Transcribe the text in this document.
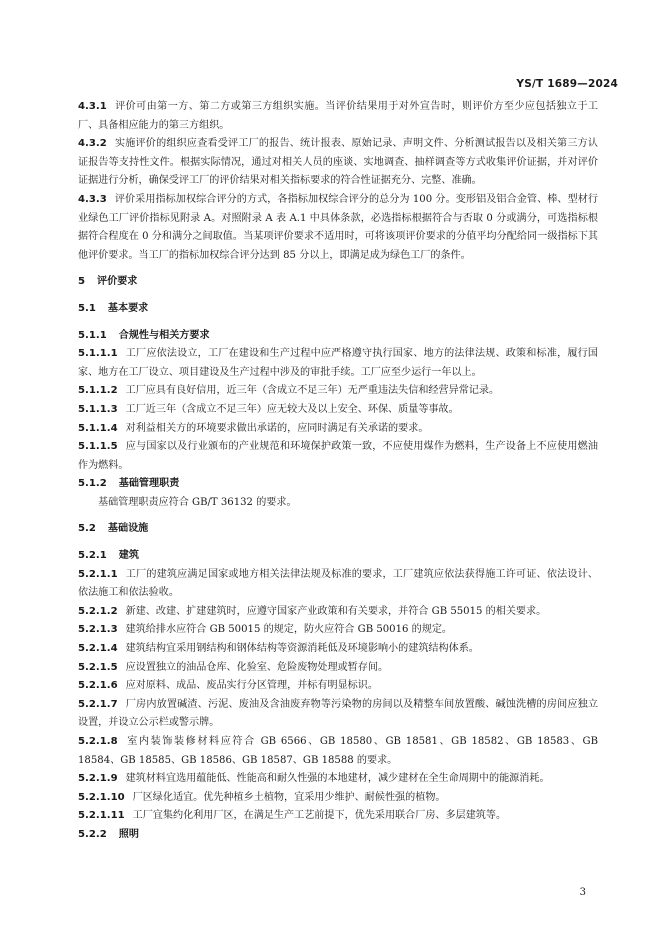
YS/T 1689—2024
4.3.1 评价可由第一方、第二方或第三方组织实施。当评价结果用于对外宣告时，则评价方至少应包括独立于工厂、具备相应能力的第三方组织。
4.3.2 实施评价的组织应查看受评工厂的报告、统计报表、原始记录、声明文件、分析测试报告以及相关第三方认证报告等支持性文件。根据实际情况，通过对相关人员的座谈、实地调查、抽样调查等方式收集评价证据，并对评价证据进行分析，确保受评工厂的评价结果对相关指标要求的符合性证据充分、完整、准确。
4.3.3 评价采用指标加权综合评分的方式，各指标加权综合评分的总分为 100 分。变形铝及铝合金管、棒、型材行业绿色工厂评价指标见附录 A。对照附录 A 表 A.1 中具体条款，必选指标根据符合与否取 0 分或满分，可选指标根据符合程度在 0 分和满分之间取值。当某项评价要求不适用时，可将该项评价要求的分值平均分配给同一级指标下其他评价要求。当工厂的指标加权综合评分达到 85 分以上，即满足成为绿色工厂的条件。
5 评价要求
5.1 基本要求
5.1.1 合规性与相关方要求
5.1.1.1 工厂应依法设立，工厂在建设和生产过程中应严格遵守执行国家、地方的法律法规、政策和标准，履行国家、地方在工厂设立、项目建设及生产过程中涉及的审批手续。工厂应至少运行一年以上。
5.1.1.2 工厂应具有良好信用，近三年（含成立不足三年）无严重违法失信和经营异常记录。
5.1.1.3 工厂近三年（含成立不足三年）应无较大及以上安全、环保、质量等事故。
5.1.1.4 对利益相关方的环境要求做出承诺的，应同时满足有关承诺的要求。
5.1.1.5 应与国家以及行业颁布的产业规范和环境保护政策一致，不应使用煤作为燃料，生产设备上不应使用燃油作为燃料。
5.1.2 基础管理职责
基础管理职责应符合 GB/T 36132 的要求。
5.2 基础设施
5.2.1 建筑
5.2.1.1 工厂的建筑应满足国家或地方相关法律法规及标准的要求，工厂建筑应依法获得施工许可证、依法设计、依法施工和依法验收。
5.2.1.2 新建、改建、扩建建筑时，应遵守国家产业政策和有关要求，并符合 GB 55015 的相关要求。
5.2.1.3 建筑给排水应符合 GB 50015 的规定，防火应符合 GB 50016 的规定。
5.2.1.4 建筑结构宜采用钢结构和钢体结构等资源消耗低及环境影响小的建筑结构体系。
5.2.1.5 应设置独立的油品仓库、化验室、危险废物处理或暂存间。
5.2.1.6 应对原料、成品、废品实行分区管理，并标有明显标识。
5.2.1.7 厂房内放置碱渣、污泥、废油及含油废弃物等污染物的房间以及精整车间放置酸、碱蚀洗槽的房间应独立设置，并设立公示栏或警示牌。
5.2.1.8 室内装饰装修材料应符合 GB 6566、GB 18580、GB 18581、GB 18582、GB 18583、GB 18584、GB 18585、GB 18586、GB 18587、GB 18588 的要求。
5.2.1.9 建筑材料宜选用蕴能低、性能高和耐久性强的本地建材，减少建材在全生命周期中的能源消耗。
5.2.1.10 厂区绿化适宜。优先种植乡土植物，宜采用少维护、耐候性强的植物。
5.2.1.11 工厂宜集约化利用厂区，在满足生产工艺前提下，优先采用联合厂房、多层建筑等。
5.2.2 照明
3
